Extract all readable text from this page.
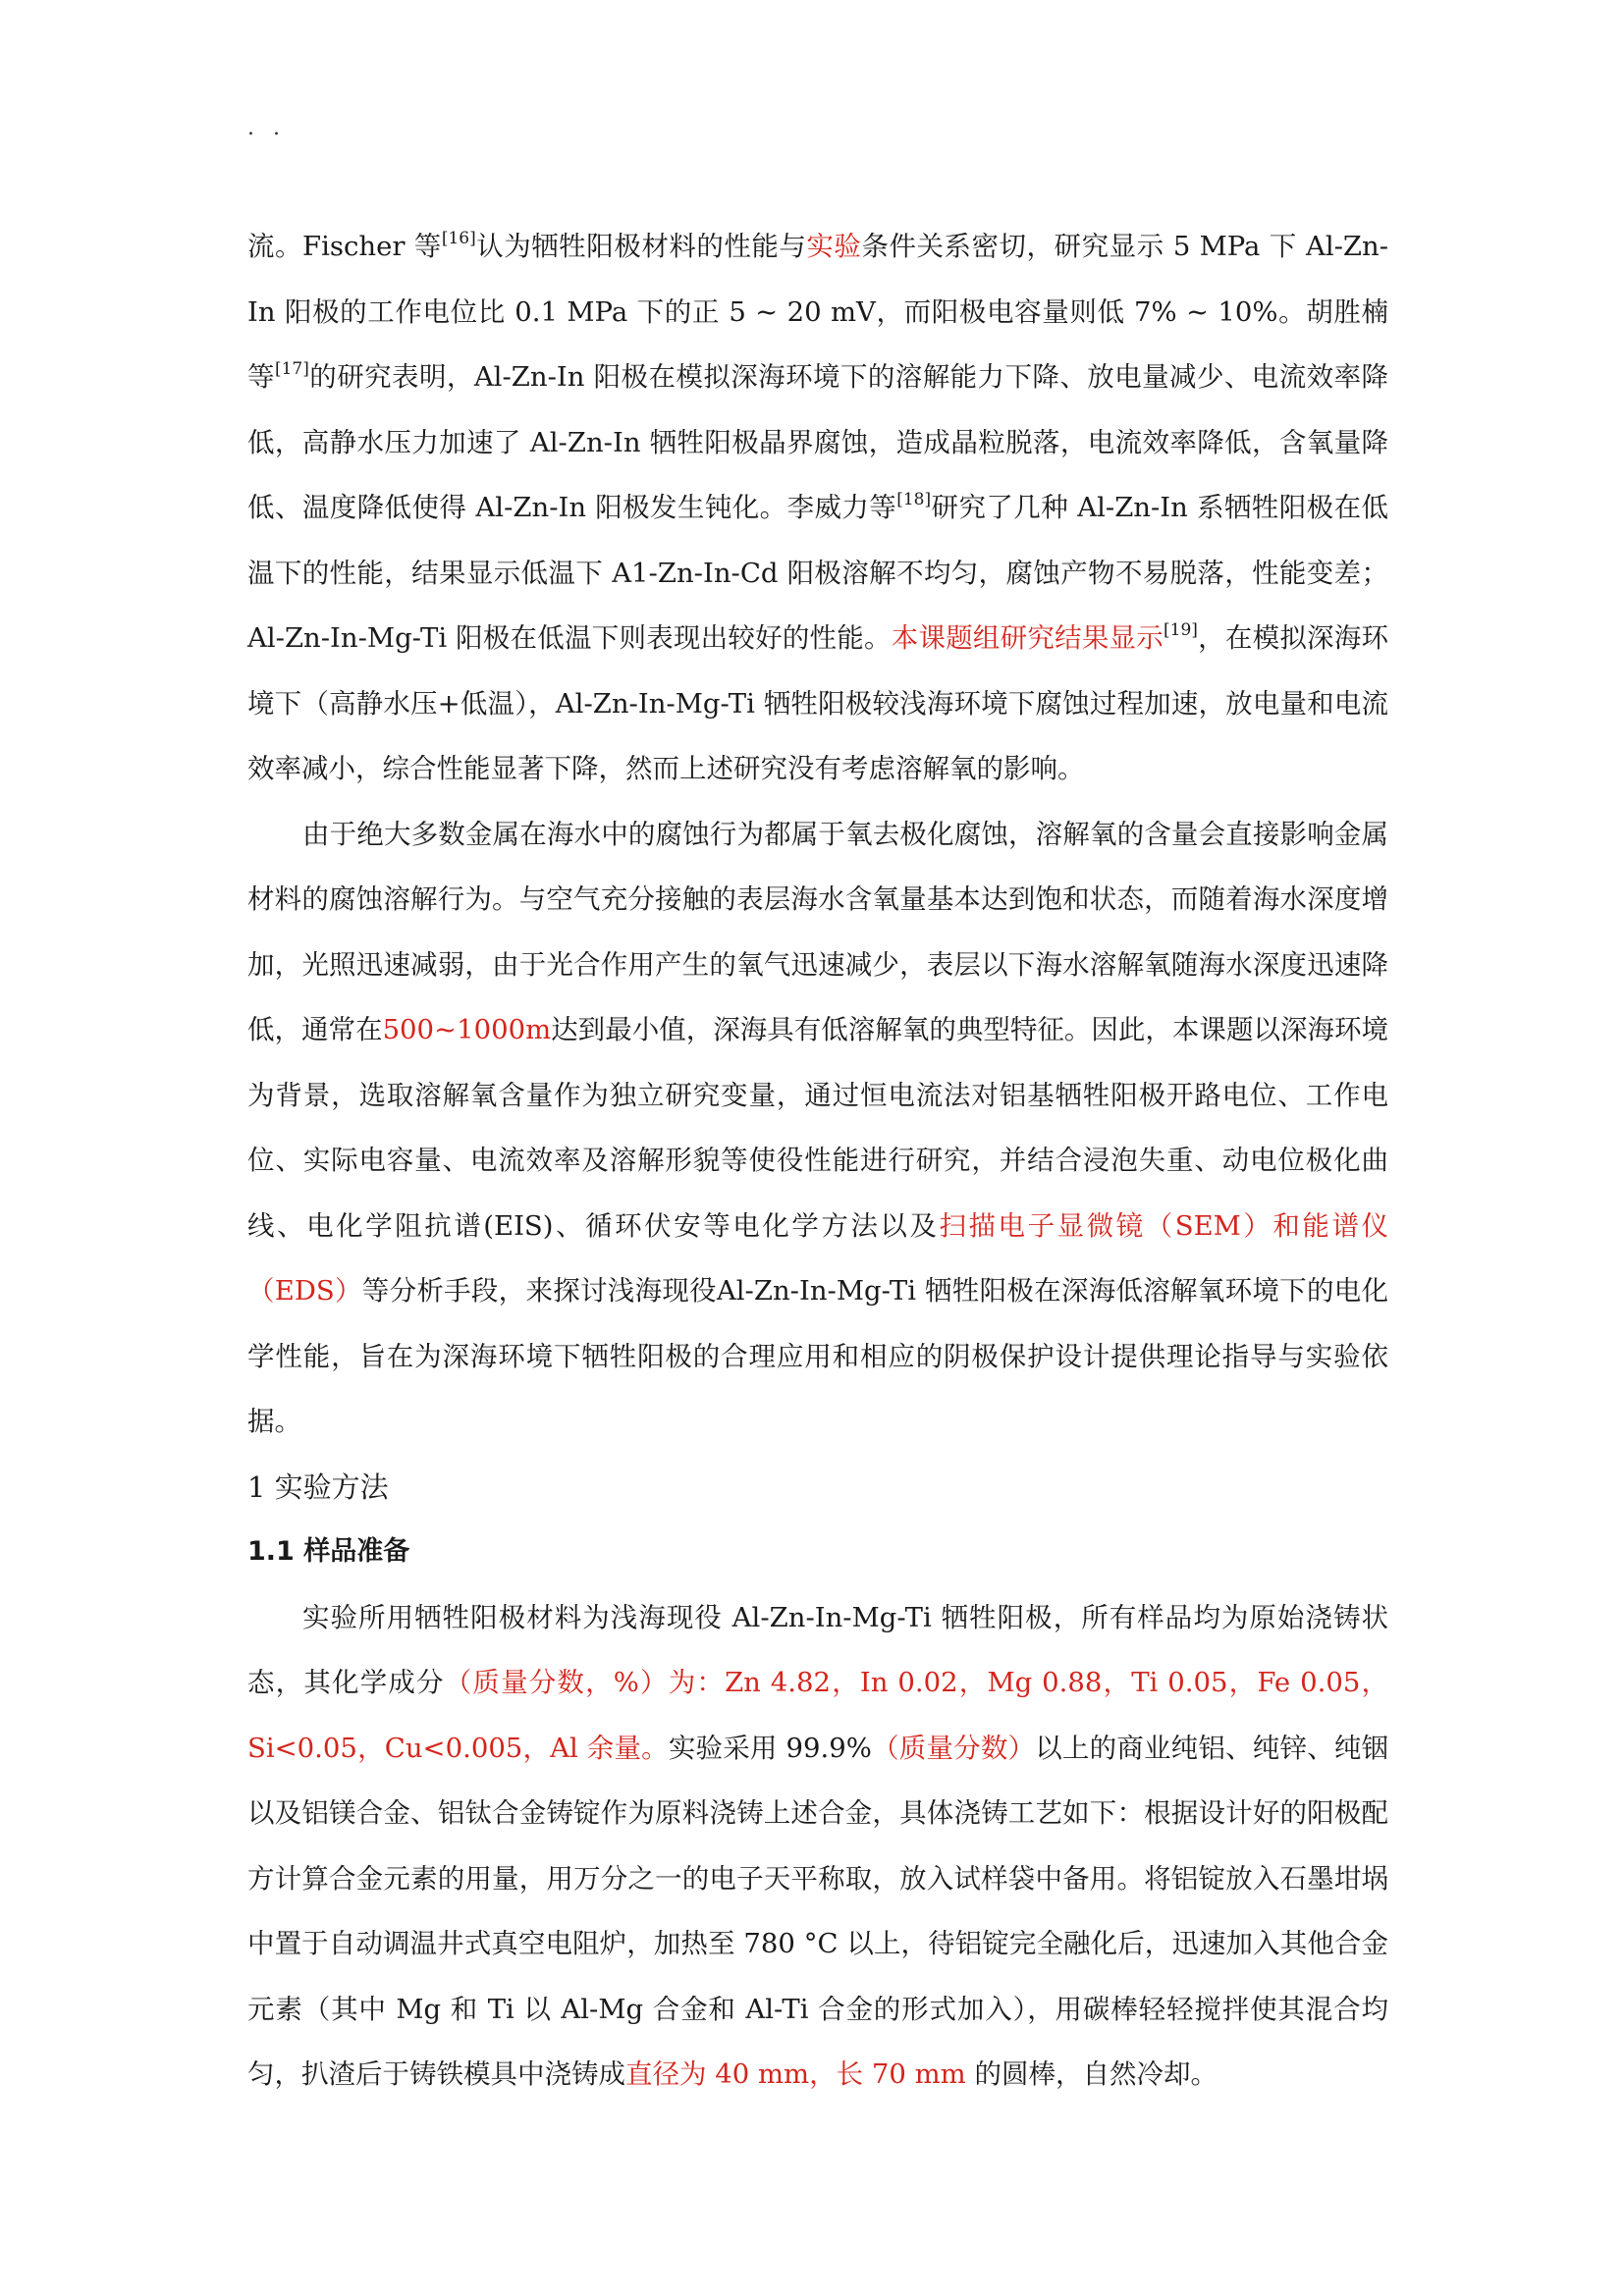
. .

流。Fischer 等[16]认为牺牲阳极材料的性能与实验条件关系密切，研究显示 5 MPa 下 Al-Zn-In 阳极的工作电位比 0.1 MPa 下的正 5 ~ 20 mV，而阳极电容量则低 7% ~ 10%。胡胜楠等[17]的研究表明，Al-Zn-In 阳极在模拟深海环境下的溶解能力下降、放电量减少、电流效率降低，高静水压力加速了 Al-Zn-In 牺牲阳极晶界腐蚀，造成晶粒脱落，电流效率降低，含氧量降低、温度降低使得 Al-Zn-In 阳极发生钝化。李威力等[18]研究了几种 Al-Zn-In 系牺牲阳极在低温下的性能，结果显示低温下 A1-Zn-In-Cd 阳极溶解不均匀，腐蚀产物不易脱落，性能变差；Al-Zn-In-Mg-Ti 阳极在低温下则表现出较好的性能。本课题组研究结果显示[19]，在模拟深海环境下（高静水压+低温），Al-Zn-In-Mg-Ti 牺牲阳极较浅海环境下腐蚀过程加速，放电量和电流效率减小，综合性能显著下降，然而上述研究没有考虑溶解氧的影响。

由于绝大多数金属在海水中的腐蚀行为都属于氧去极化腐蚀，溶解氧的含量会直接影响金属材料的腐蚀溶解行为。与空气充分接触的表层海水含氧量基本达到饱和状态，而随着海水深度增加，光照迅速减弱，由于光合作用产生的氧气迅速减少，表层以下海水溶解氧随海水深度迅速降低，通常在500~1000m达到最小值，深海具有低溶解氧的典型特征。因此，本课题以深海环境为背景，选取溶解氧含量作为独立研究变量，通过恒电流法对铝基牺牲阳极开路电位、工作电位、实际电容量、电流效率及溶解形貌等使役性能进行研究，并结合浸泡失重、动电位极化曲线、电化学阻抗谱(EIS)、循环伏安等电化学方法以及扫描电子显微镜（SEM）和能谱仪（EDS）等分析手段，来探讨浅海现役Al-Zn-In-Mg-Ti 牺牲阳极在深海低溶解氧环境下的电化学性能，旨在为深海环境下牺牲阳极的合理应用和相应的阴极保护设计提供理论指导与实验依据。

1 实验方法
1.1 样品准备

实验所用牺牲阳极材料为浅海现役 Al-Zn-In-Mg-Ti 牺牲阳极，所有样品均为原始浇铸状态，其化学成分（质量分数，%）为：Zn 4.82，In 0.02，Mg 0.88，Ti 0.05，Fe 0.05，Si<0.05，Cu<0.005，Al 余量。实验采用 99.9%（质量分数）以上的商业纯铝、纯锌、纯铟以及铝镁合金、铝钛合金铸锭作为原料浇铸上述合金，具体浇铸工艺如下：根据设计好的阳极配方计算合金元素的用量，用万分之一的电子天平称取，放入试样袋中备用。将铝锭放入石墨坩埚中置于自动调温井式真空电阻炉，加热至 780 °C 以上，待铝锭完全融化后，迅速加入其他合金元素（其中 Mg 和 Ti 以 Al-Mg 合金和 Al-Ti 合金的形式加入），用碳棒轻轻搅拌使其混合均匀，扒渣后于铸铁模具中浇铸成直径为 40 mm，长 70 mm 的圆棒，自然冷却。
